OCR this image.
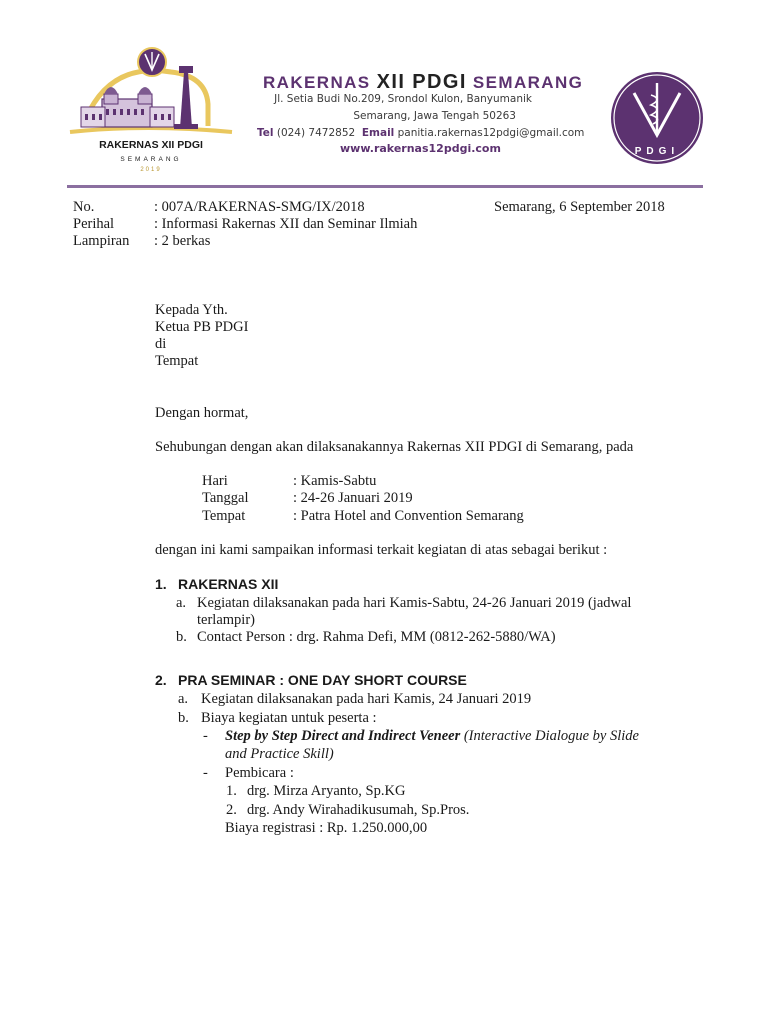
RAKERNAS XII PDGI
SEMARANG
2019
RAKERNAS XII PDGI SEMARANG
Jl. Setia Budi No.209, Srondol Kulon, Banyumanik
Semarang, Jawa Tengah 50263
Tel (024) 7472852 Email panitia.rakernas12pdgi@gmail.com
www.rakernas12pdgi.com	PDGI
No.	: 007A/RAKERNAS-SMG/IX/2018	Semarang, 6 September 2018
Perihal	: Informasi Rakernas XII dan Seminar Ilmiah
Lampiran : 2 berkas
Kepada Yth.
Ketua PB PDGI
di
Tempat
Dengan hormat,
Sehubungan dengan akan dilaksanakannya Rakernas XII PDGI di Semarang, pada
Hari	: Kamis-Sabtu
Tanggal	: 24-26 Januari 2019
Tempat	: Patra Hotel and Convention Semarang
dengan ini kami sampaikan informasi terkait kegiatan di atas sebagai berikut :
1. RAKERNAS XII
a. Kegiatan dilaksanakan pada hari Kamis-Sabtu, 24-26 Januari 2019 (jadwal
terlampir)
b. Contact Person : drg. Rahma Defi, MM (0812-262-5880/WA)
2. PRA SEMINAR : ONE DAY SHORT COURSE
a. Kegiatan dilaksanakan pada hari Kamis, 24 Januari 2019
b. Biaya kegiatan untuk peserta :
- Step by Step Direct and Indirect Veneer (Interactive Dialogue by Slide
and Practice Skill)
- Pembicara :
1. drg. Mirza Aryanto, Sp.KG
2. drg. Andy Wirahadikusumah, Sp.Pros.
Biaya registrasi : Rp. 1.250.000,00
